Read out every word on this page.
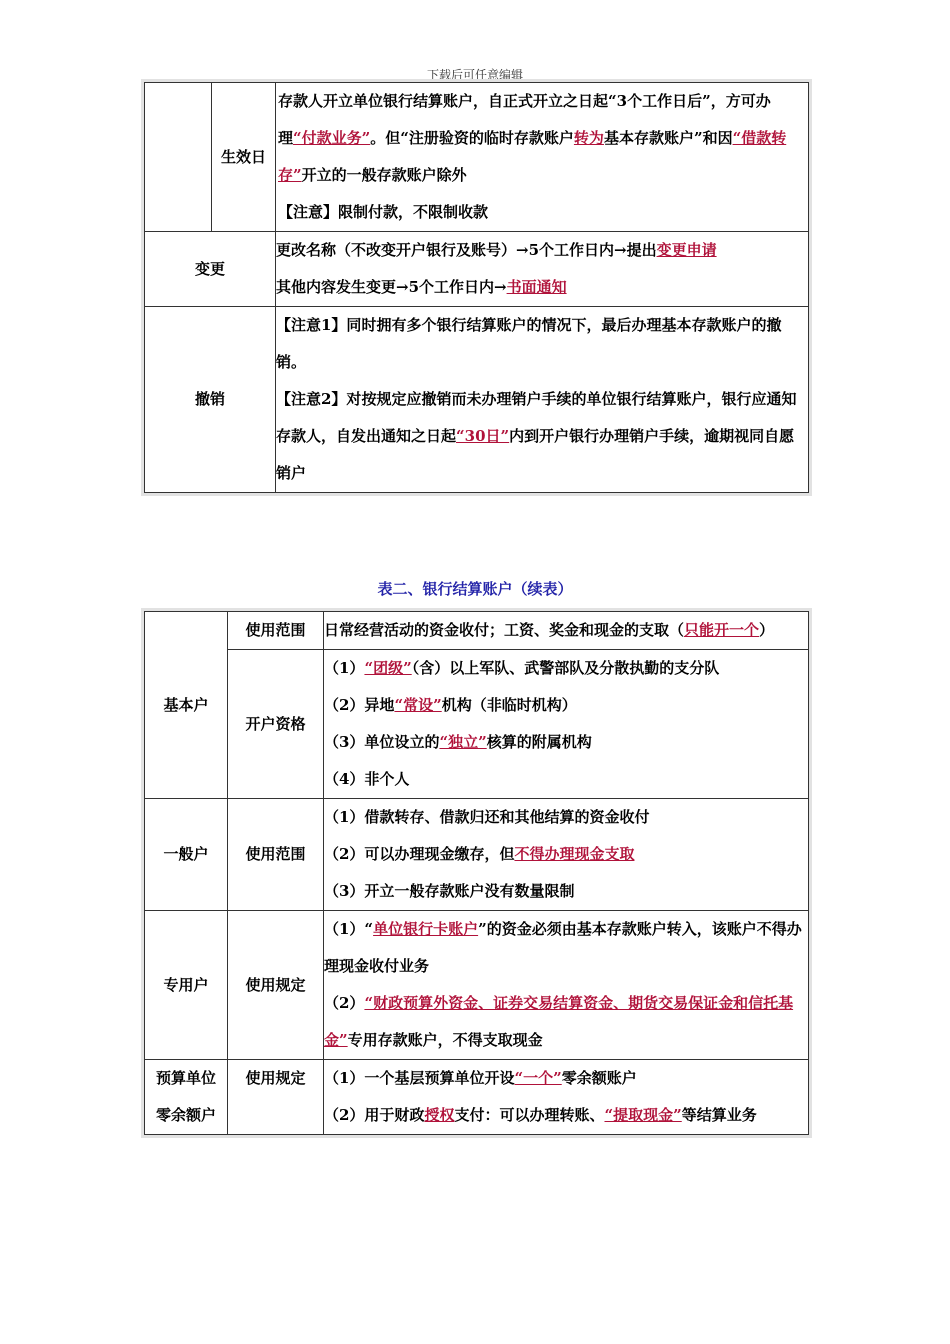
下载后可任意编辑
	生效日	存款人开立单位银行结算账户，自正式开立之日起“3个工作日后”，方可办理“付款业务”。但“注册验资的临时存款账户转为基本存款账户”和因“借款转存”开立的一般存款账户除外
【注意】限制付款，不限制收款
变更		更改名称（不改变开户银行及账号）→5个工作日内→提出变更申请
其他内容发生变更→5个工作日内→书面通知
撤销		【注意1】同时拥有多个银行结算账户的情况下，最后办理基本存款账户的撤销。
【注意2】对按规定应撤销而未办理销户手续的单位银行结算账户，银行应通知存款人，自发出通知之日起“30日”内到开户银行办理销户手续，逾期视同自愿销户
表二、银行结算账户（续表）
基本户	使用范围	日常经营活动的资金收付；工资、奖金和现金的支取（只能开一个）
	开户资格	（1）“团级”（含）以上军队、武警部队及分散执勤的支分队
（2）异地“常设”机构（非临时机构）
（3）单位设立的“独立”核算的附属机构
（4）非个人
一般户	使用范围	（1）借款转存、借款归还和其他结算的资金收付
（2）可以办理现金缴存，但不得办理现金支取
（3）开立一般存款账户没有数量限制
专用户	使用规定	（1）“单位银行卡账户”的资金必须由基本存款账户转入，该账户不得办理现金收付业务
（2）“财政预算外资金、证券交易结算资金、期货交易保证金和信托基金”专用存款账户，不得支取现金

预算单位零余额户	使用规定	（1）一个基层预算单位开设“一个”零余额账户
（2）用于财政授权支付：可以办理转账、“提取现金”等结算业务
